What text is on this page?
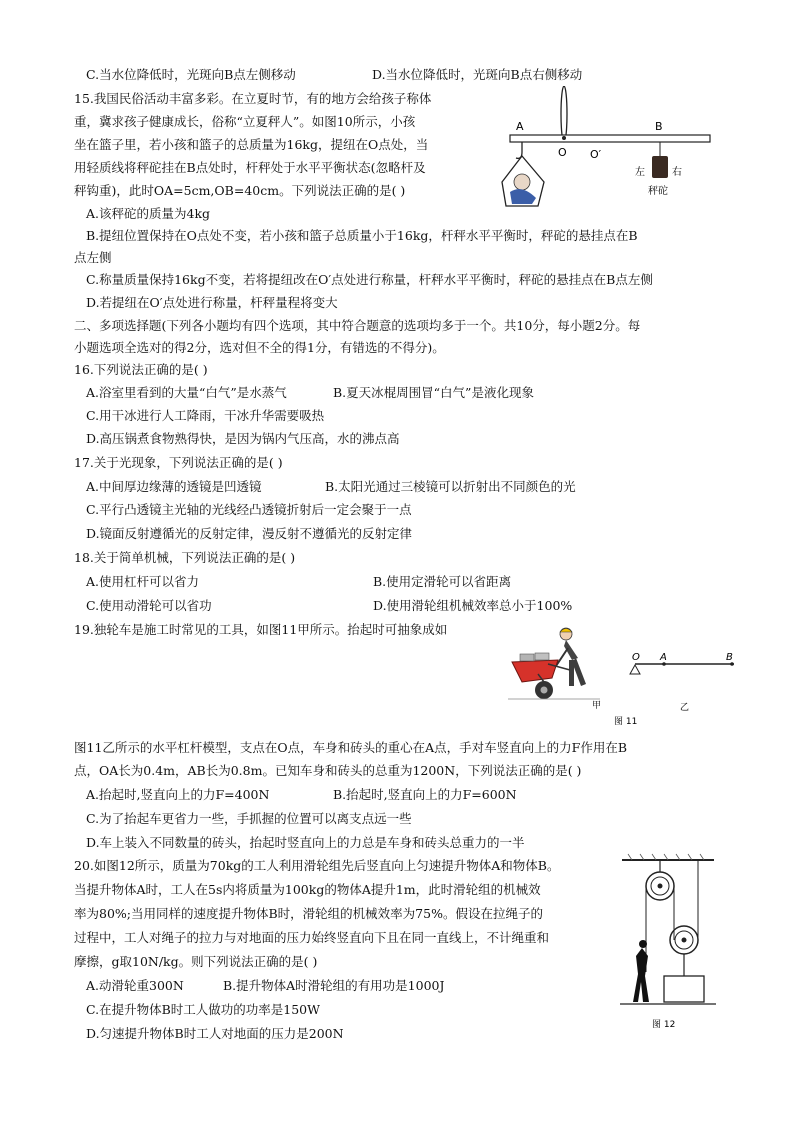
C.当水位降低时，光斑向B点左侧移动	D.当水位降低时，光斑向B点右侧移动
15.我国民俗活动丰富多彩。在立夏时节，有的地方会给孩子称体
重，冀求孩子健康成长，俗称“立夏秤人”。如图10所示，小孩
坐在篮子里，若小孩和篮子的总质量为16kg，提纽在O点处，当
用轻质线将秤砣挂在B点处时，杆秤处于水平平衡状态(忽略杆及
秤钩重)，此时OA=5cm,OB=40cm。下列说法正确的是( )
A.该秤砣的质量为4kg
B.提纽位置保持在O点处不变，若小孩和篮子总质量小于16kg，杆秤水平平衡时，秤砣的悬挂点在B
点左侧
C.称量质量保持16kg不变，若将提纽改在O′点处进行称量，杆秤水平平衡时，秤砣的悬挂点在B点左侧
D.若提纽在O′点处进行称量，杆秤量程将变大
A
O O′
B
左	右
秤砣
二、多项选择题(下列各小题均有四个选项，其中符合题意的选项均多于一个。共10分，每小题2分。每
小题选项全选对的得2分，选对但不全的得1分，有错选的不得分)。
16.下列说法正确的是( )
A.浴室里看到的大量“白气”是水蒸气	B.夏天冰棍周围冒“白气”是液化现象
C.用干冰进行人工降雨，干冰升华需要吸热
D.高压锅煮食物熟得快，是因为锅内气压高，水的沸点高
17.关于光现象，下列说法正确的是( )
A.中间厚边缘薄的透镜是凹透镜	B.太阳光通过三棱镜可以折射出不同颜色的光
C.平行凸透镜主光轴的光线经凸透镜折射后一定会聚于一点
D.镜面反射遵循光的反射定律，漫反射不遵循光的反射定律
18.关于简单机械，下列说法正确的是( )
A.使用杠杆可以省力	B.使用定滑轮可以省距离
C.使用动滑轮可以省功	D.使用滑轮组机械效率总小于100%
19.独轮车是施工时常见的工具，如图11甲所示。抬起时可抽象成如
O A	B
甲	乙
图 11
图11乙所示的水平杠杆模型，支点在O点，车身和砖头的重心在A点，手对车竖直向上的力F作用在B
点，OA长为0.4m，AB长为0.8m。已知车身和砖头的总重为1200N，下列说法正确的是( )
A.抬起时,竖直向上的力F=400N	B.抬起时,竖直向上的力F=600N
C.为了抬起车更省力一些，手抓握的位置可以离支点远一些
D.车上装入不同数量的砖头，抬起时竖直向上的力总是车身和砖头总重力的一半
20.如图12所示，质量为70kg的工人利用滑轮组先后竖直向上匀速提升物体A和物体B。
当提升物体A时，工人在5s内将质量为100kg的物体A提升1m，此时滑轮组的机械效
率为80%;当用同样的速度提升物体B时，滑轮组的机械效率为75%。假设在拉绳子的
过程中，工人对绳子的拉力与对地面的压力始终竖直向下且在同一直线上，不计绳重和
摩擦，g取10N/kg。则下列说法正确的是( )
A.动滑轮重300N	B.提升物体A时滑轮组的有用功是1000J
C.在提升物体B时工人做功的功率是150W
D.匀速提升物体B时工人对地面的压力是200N
图 12
